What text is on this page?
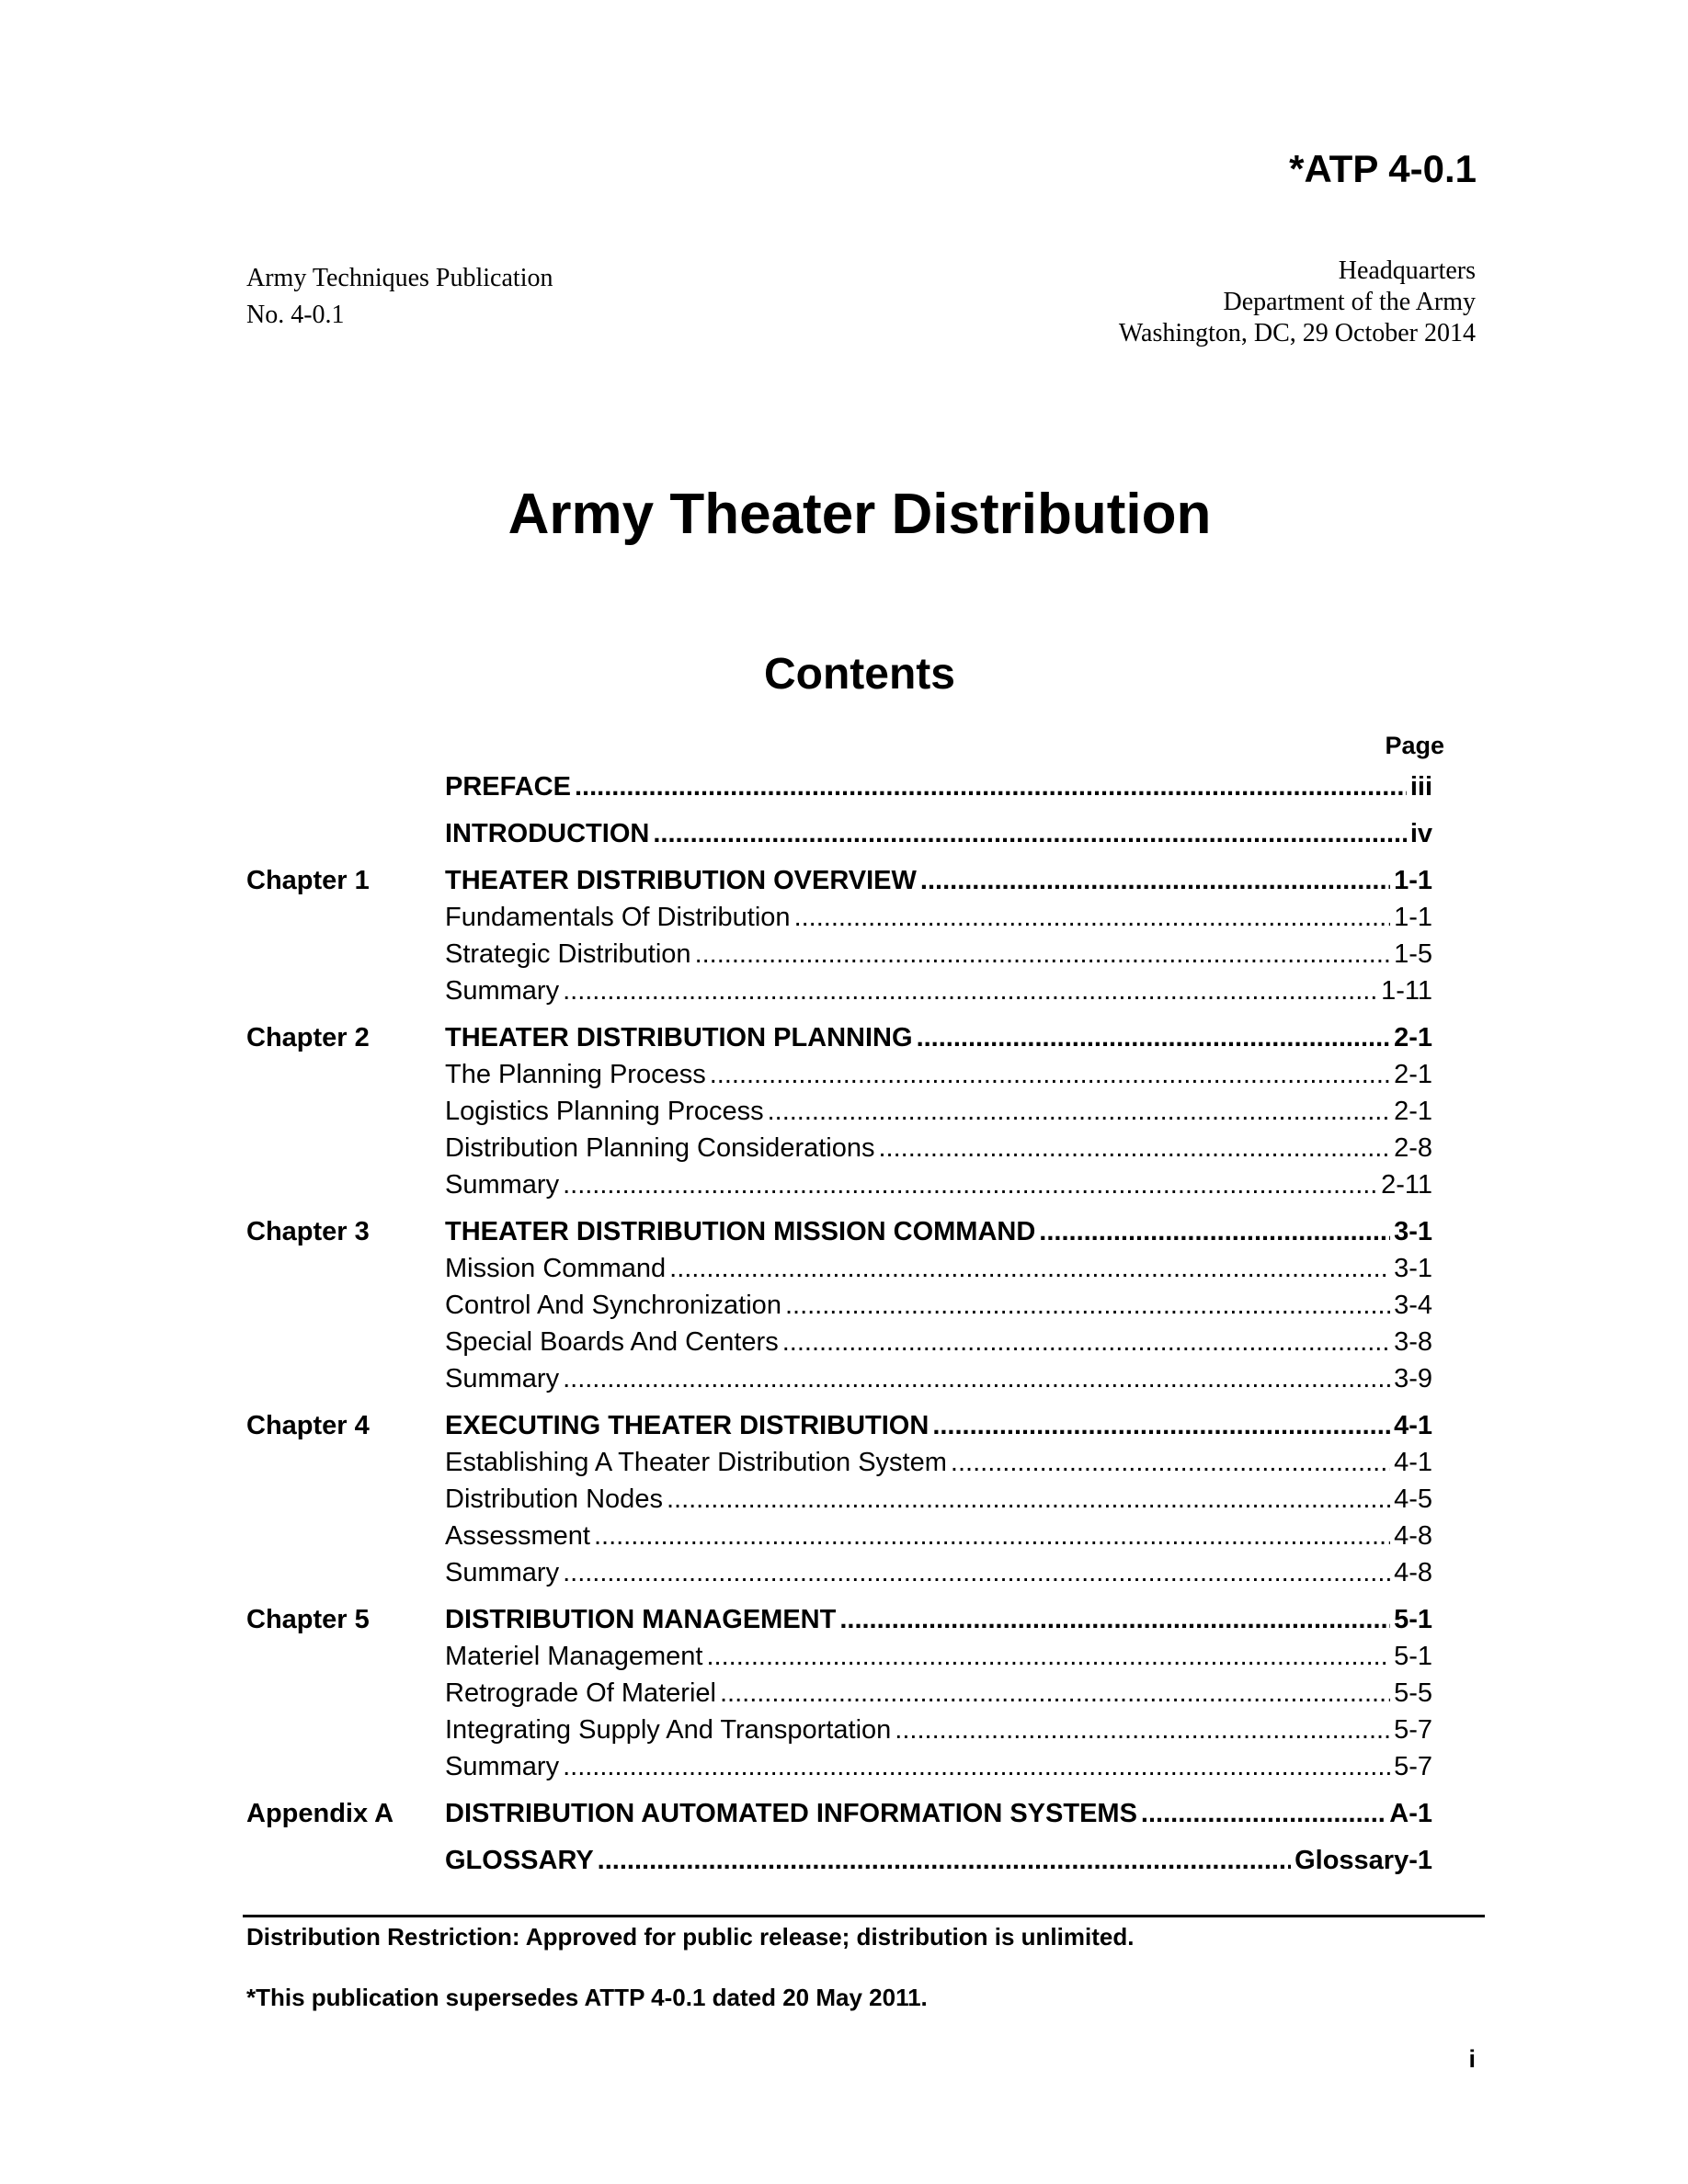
*ATP 4-0.1
Army Techniques Publication
No. 4-0.1
Headquarters
Department of the Army
Washington, DC, 29 October 2014
Army Theater Distribution
Contents
Page
PREFACE .....	iii
INTRODUCTION .....	iv
Chapter 1	THEATER DISTRIBUTION OVERVIEW .....	1-1
Fundamentals Of Distribution .....	1-1
Strategic Distribution .....	1-5
Summary .....	1-11
Chapter 2	THEATER DISTRIBUTION PLANNING .....	2-1
The Planning Process .....	2-1
Logistics Planning Process .....	2-1
Distribution Planning Considerations .....	2-8
Summary .....	2-11
Chapter 3	THEATER DISTRIBUTION MISSION COMMAND .....	3-1
Mission Command .....	3-1
Control And Synchronization .....	3-4
Special Boards And Centers .....	3-8
Summary .....	3-9
Chapter 4	EXECUTING THEATER DISTRIBUTION .....	4-1
Establishing A Theater Distribution System .....	4-1
Distribution Nodes .....	4-5
Assessment .....	4-8
Summary .....	4-8
Chapter 5	DISTRIBUTION MANAGEMENT .....	5-1
Materiel Management .....	5-1
Retrograde Of Materiel .....	5-5
Integrating Supply And Transportation .....	5-7
Summary .....	5-7
Appendix A	DISTRIBUTION AUTOMATED INFORMATION SYSTEMS .....	A-1
GLOSSARY .....	Glossary-1
Distribution Restriction: Approved for public release; distribution is unlimited.
*This publication supersedes ATTP 4-0.1 dated 20 May 2011.
i
